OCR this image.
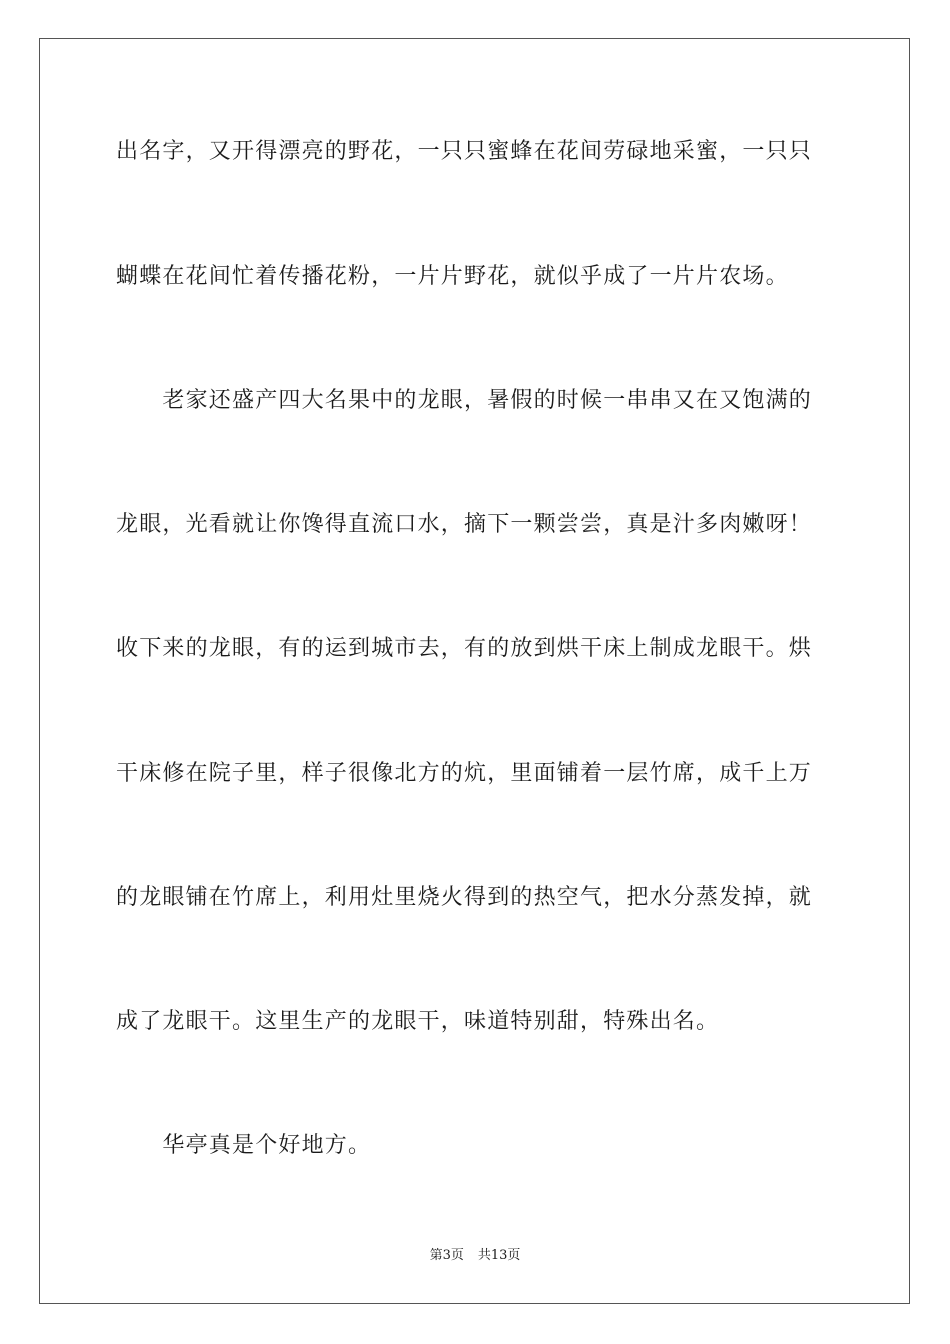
出名字，又开得漂亮的野花，一只只蜜蜂在花间劳碌地采蜜，一只只
蝴蝶在花间忙着传播花粉，一片片野花，就似乎成了一片片农场。
　　老家还盛产四大名果中的龙眼，暑假的时候一串串又在又饱满的
龙眼，光看就让你馋得直流口水，摘下一颗尝尝，真是汁多肉嫩呀！
收下来的龙眼，有的运到城市去，有的放到烘干床上制成龙眼干。烘
干床修在院子里，样子很像北方的炕，里面铺着一层竹席，成千上万
的龙眼铺在竹席上，利用灶里烧火得到的热空气，把水分蒸发掉，就
成了龙眼干。这里生产的龙眼干，味道特别甜，特殊出名。
　　华亭真是个好地方。
第3页 共13页
